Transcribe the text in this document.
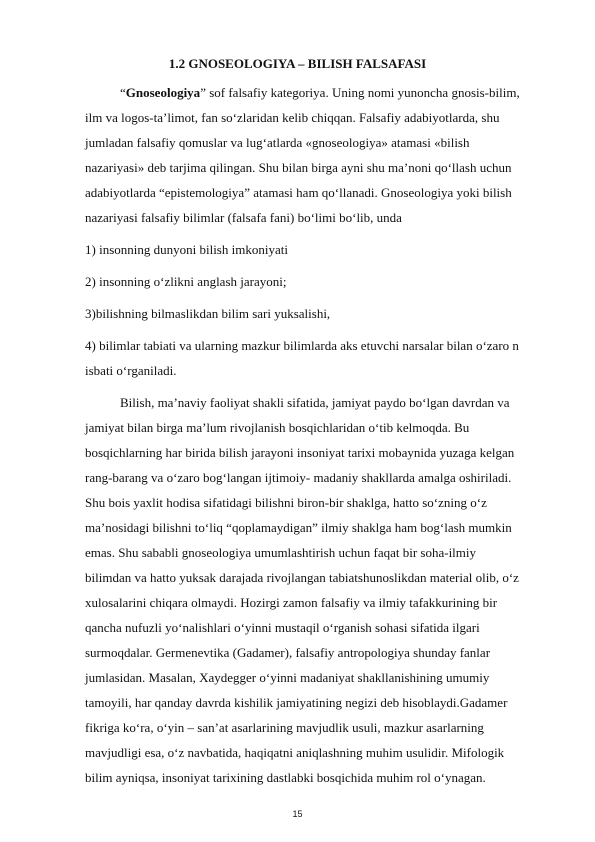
1.2 GNOSEOLOGIYA – BILISH FALSAFASI
“Gnoseologiya” sof falsafiy kategoriya. Uning nomi yunoncha gnosis-bilim,
ilm va logos-ta’limot, fan so‘zlaridan kelib chiqqan. Falsafiy adabiyotlarda, shu
jumladan falsafiy qomuslar va lug‘atlarda «gnoseologiya» atamasi «bilish
nazariyasi» deb tarjima qilingan. Shu bilan birga ayni shu ma’noni qo‘llash uchun
adabiyotlarda “epistemologiya” atamasi ham qo‘llanadi. Gnoseologiya yoki bilish
nazariyasi falsafiy bilimlar (falsafa fani) bo‘limi bo‘lib, unda
1) insonning dunyoni bilish imkoniyati
2) insonning o‘zlikni anglash jarayoni;
3)bilishning bilmaslikdan bilim sari yuksalishi,
4) bilimlar tabiati va ularning mazkur bilimlarda aks etuvchi narsalar bilan o‘zaro n
isbati o‘rganiladi.
Bilish, ma’naviy faoliyat shakli sifatida, jamiyat paydo bo‘lgan davrdan va
jamiyat bilan birga ma’lum rivojlanish bosqichlaridan o‘tib kelmoqda. Bu
bosqichlarning har birida bilish jarayoni insoniyat tarixi mobaynida yuzaga kelgan
rang-barang va o‘zaro bog‘langan ijtimoiy- madaniy shakllarda amalga oshiriladi.
Shu bois yaxlit hodisa sifatidagi bilishni biron-bir shaklga, hatto so‘zning o‘z
ma’nosidagi bilishni to‘liq “qoplamaydigan” ilmiy shaklga ham bog‘lash mumkin
emas. Shu sababli gnoseologiya umumlashtirish uchun faqat bir soha-ilmiy
bilimdan va hatto yuksak darajada rivojlangan tabiatshunoslikdan material olib, o‘z
xulosalarini chiqara olmaydi. Hozirgi zamon falsafiy va ilmiy tafakkurining bir
qancha nufuzli yo‘nalishlari o‘yinni mustaqil o‘rganish sohasi sifatida ilgari
surmoqdalar. Germenevtika (Gadamer), falsafiy antropologiya shunday fanlar
jumlasidan. Masalan, Xaydegger o‘yinni madaniyat shakllanishining umumiy
tamoyili, har qanday davrda kishilik jamiyatining negizi deb hisoblaydi.Gadamer
fikriga ko‘ra, o‘yin – san’at asarlarining mavjudlik usuli, mazkur asarlarning
mavjudligi esa, o‘z navbatida, haqiqatni aniqlashning muhim usulidir. Mifologik
bilim ayniqsa, insoniyat tarixining dastlabki bosqichida muhim rol o‘ynagan.
15
